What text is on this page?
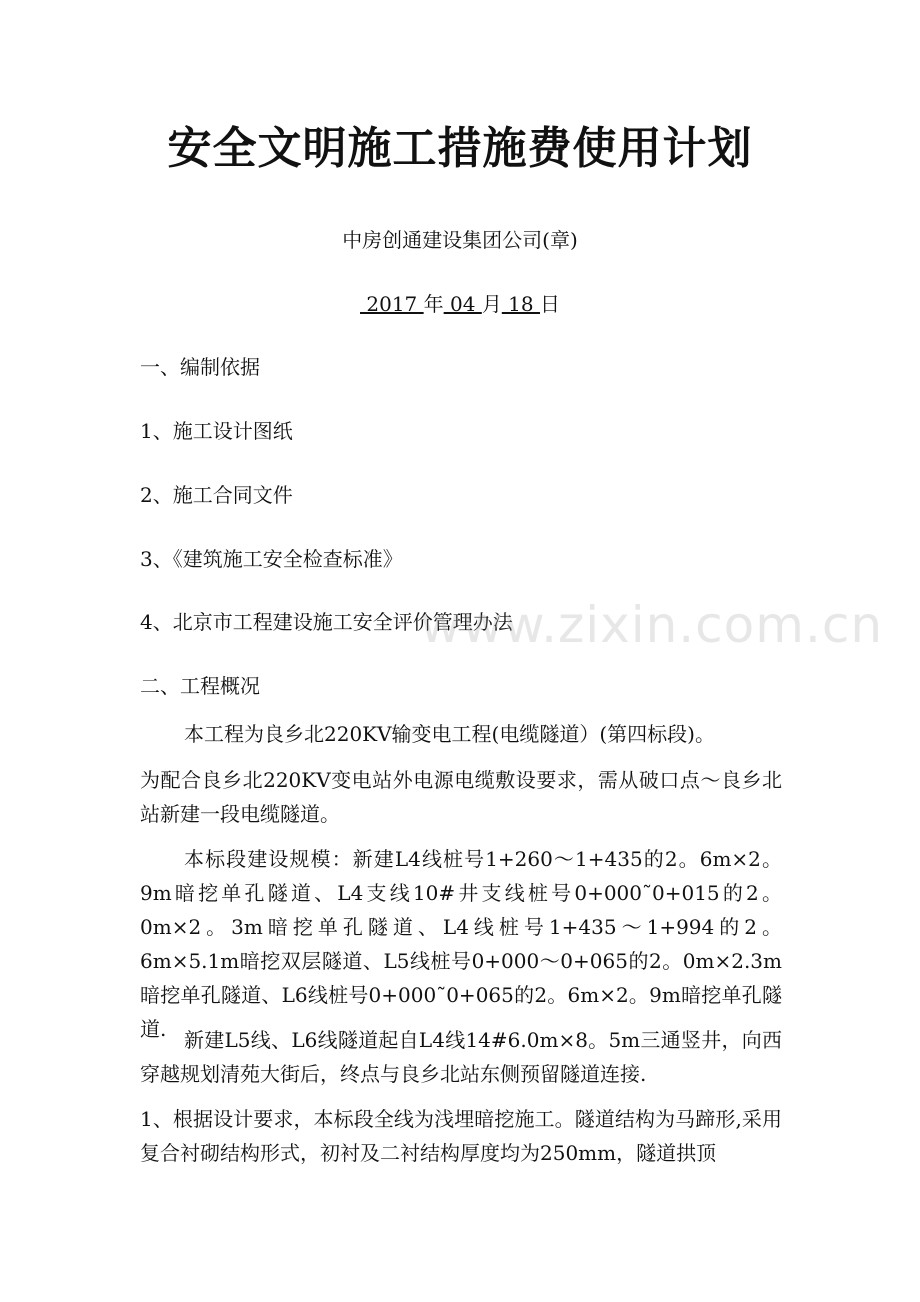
安全文明施工措施费使用计划
中房创通建设集团公司(章)
2017 年 04 月 18 日
一、编制依据
1、施工设计图纸
2、施工合同文件
3、《建筑施工安全检查标准》
4、北京市工程建设施工安全评价管理办法
二、工程概况

本工程为良乡北220KV输变电工程(电缆隧道）(第四标段)。

为配合良乡北220KV变电站外电源电缆敷设要求，需从破口点～良乡北站新建一段电缆隧道。

本标段建设规模：新建L4线桩号1+260～1+435的2。6m×2。9m暗挖单孔隧道、L4支线10#井支线桩号0+000˜0+015的2。0m×2。3m暗挖单孔隧道、L4线桩号1+435～1+994的2。6m×5.1m暗挖双层隧道、L5线桩号0+000～0+065的2。0m×2.3m暗挖单孔隧道、L6线桩号0+000˜0+065的2。6m×2。9m暗挖单孔隧道. 新建L5线、L6线隧道起自L4线14#6.0m×8。5m三通竖井，向西穿越规划清苑大街后，终点与良乡北站东侧预留隧道连接.

1、根据设计要求，本标段全线为浅埋暗挖施工。隧道结构为马蹄形,采用复合衬砌结构形式，初衬及二衬结构厚度均为250mm，隧道拱顶

www.zixin.com.cn
